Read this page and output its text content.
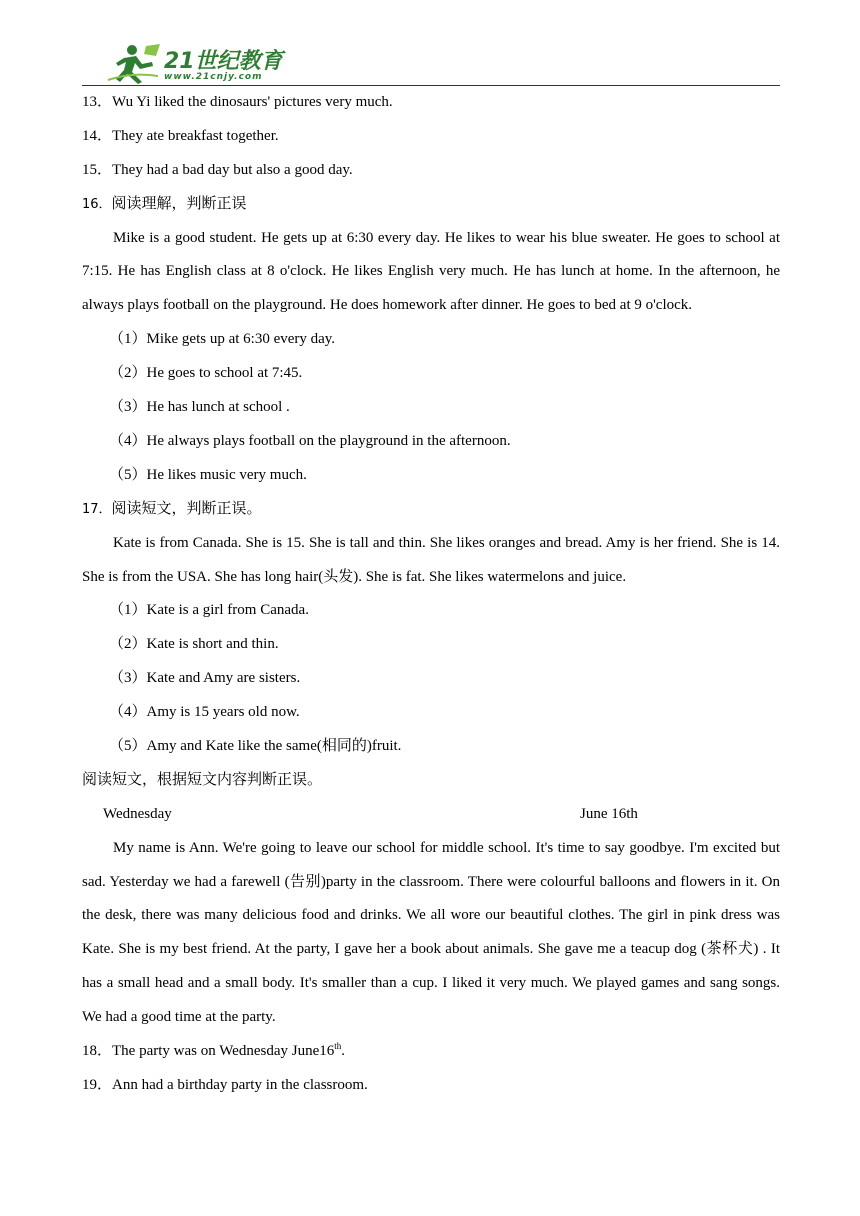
21世纪教育
www.21cnjy.com
13．Wu Yi liked the dinosaurs' pictures very much.
14．They ate breakfast together.
15．They had a bad day but also a good day.
16．阅读理解，判断正误
Mike is a good student. He gets up at 6:30 every day. He likes to wear his blue sweater. He goes to school at 7:15. He has English class at 8 o'clock. He likes English very much. He has lunch at home. In the afternoon, he always plays football on the playground. He does homework after dinner. He goes to bed at 9 o'clock.
（1）Mike gets up at 6:30 every day.
（2）He goes to school at 7:45.
（3）He has lunch at school .
（4）He always plays football on the playground in the afternoon.
（5）He likes music very much.
17．阅读短文，判断正误。
Kate is from Canada. She is 15. She is tall and thin. She likes oranges and bread. Amy is her friend. She is 14. She is from the USA. She has long hair(头发). She is fat. She likes watermelons and juice.
（1）Kate is a girl from Canada.
（2）Kate is short and thin.
（3）Kate and Amy are sisters.
（4）Amy is 15 years old now.
（5）Amy and Kate like the same(相同的)fruit.
阅读短文，根据短文内容判断正误。
Wednesday	June 16th
My name is Ann. We're going to leave our school for middle school. It's time to say goodbye. I'm excited but sad. Yesterday we had a farewell (告别)party in the classroom. There were colourful balloons and flowers in it. On the desk, there was many delicious food and drinks. We all wore our beautiful clothes. The girl in pink dress was Kate. She is my best friend. At the party, I gave her a book about animals. She gave me a teacup dog (茶杯犬) . It has a small head and a small body. It's smaller than a cup. I liked it very much. We played games and sang songs. We had a good time at the party.
18．The party was on Wednesday June16th.
19．Ann had a birthday party in the classroom.
